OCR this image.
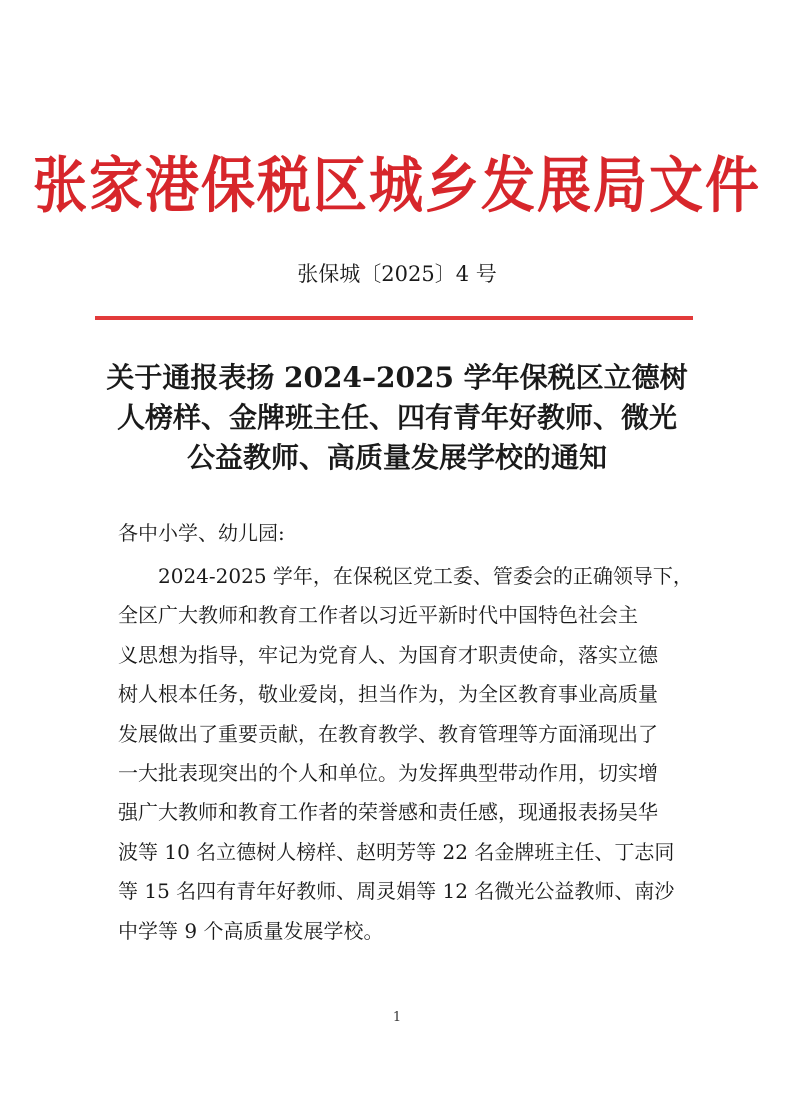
张家港保税区城乡发展局文件
张保城〔2025〕4 号
关于通报表扬 2024–2025 学年保税区立德树
人榜样、金牌班主任、四有青年好教师、微光
公益教师、高质量发展学校的通知
各中小学、幼儿园:
2024-2025 学年，在保税区党工委、管委会的正确领导下，
全区广大教师和教育工作者以习近平新时代中国特色社会主
义思想为指导，牢记为党育人、为国育才职责使命，落实立德
树人根本任务，敬业爱岗，担当作为，为全区教育事业高质量
发展做出了重要贡献，在教育教学、教育管理等方面涌现出了
一大批表现突出的个人和单位。为发挥典型带动作用，切实增
强广大教师和教育工作者的荣誉感和责任感，现通报表扬吴华
波等 10 名立德树人榜样、赵明芳等 22 名金牌班主任、丁志同
等 15 名四有青年好教师、周灵娟等 12 名微光公益教师、南沙
中学等 9 个高质量发展学校。
1
